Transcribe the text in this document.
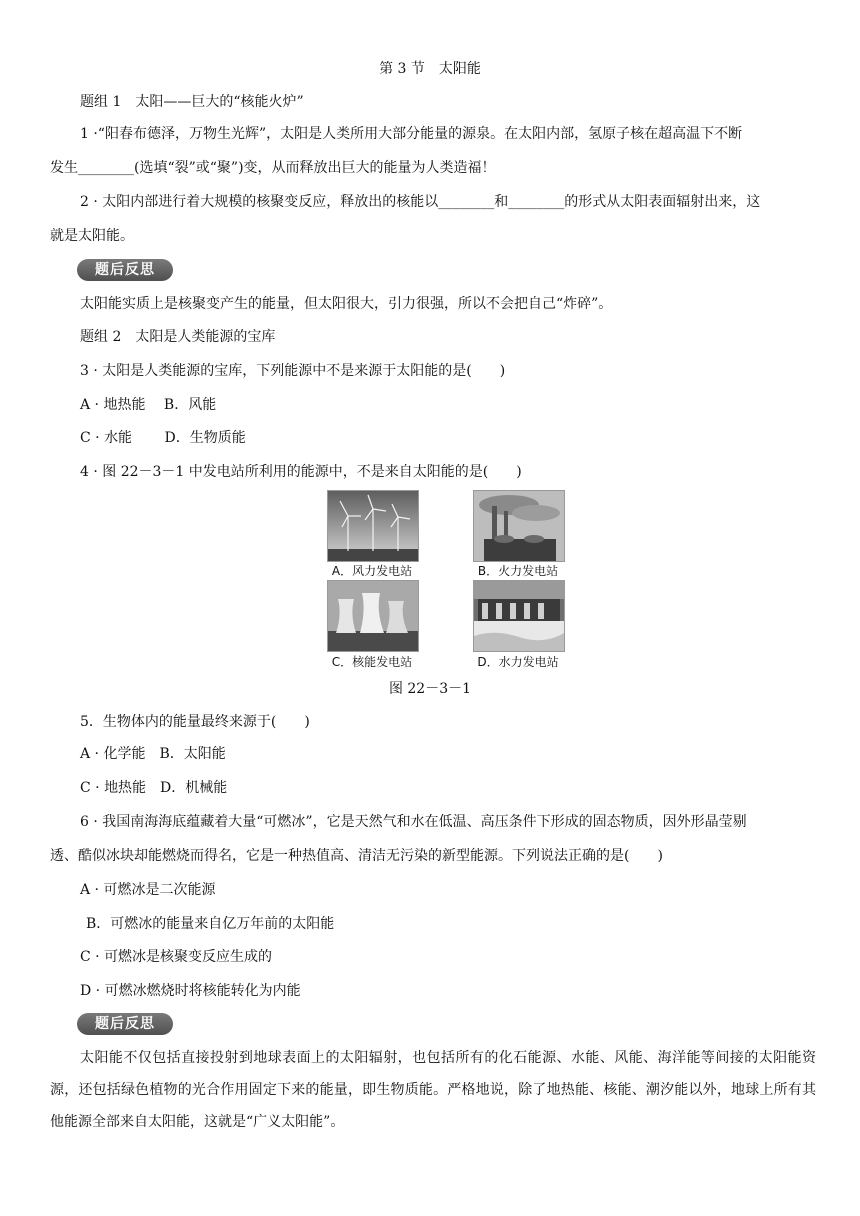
第 3 节　太阳能
题组 1　太阳——巨大的“核能火炉”
1 ·“阳春布德泽，万物生光辉”，太阳是人类所用大部分能量的源泉。在太阳内部，氢原子核在超高温下不断
发生________(选填“裂”或“聚”)变，从而释放出巨大的能量为人类造福！
2 · 太阳内部进行着大规模的核聚变反应，释放出的核能以________和________的形式从太阳表面辐射出来，这
就是太阳能。
题后反思
太阳能实质上是核聚变产生的能量，但太阳很大，引力很强，所以不会把自己“炸碎”。
题组 2　太阳是人类能源的宝库
3 · 太阳是人类能源的宝库，下列能源中不是来源于太阳能的是(　　)
A · 地热能　 B．风能
C · 水能　　 D．生物质能
4 · 图 22－3－1 中发电站所利用的能源中，不是来自太阳能的是(　　)
A．风力发电站	B．火力发电站
C．核能发电站	D．水力发电站
图 22－3－1
5．生物体内的能量最终来源于(　　)
A · 化学能　B．太阳能
C · 地热能　D．机械能
6 · 我国南海海底蕴藏着大量“可燃冰”，它是天然气和水在低温、高压条件下形成的固态物质，因外形晶莹剔
透、酷似冰块却能燃烧而得名，它是一种热值高、清洁无污染的新型能源。下列说法正确的是(　　)
A · 可燃冰是二次能源
B．可燃冰的能量来自亿万年前的太阳能
C · 可燃冰是核聚变反应生成的
D · 可燃冰燃烧时将核能转化为内能
题后反思
太阳能不仅包括直接投射到地球表面上的太阳辐射，也包括所有的化石能源、水能、风能、海洋能等间接的太阳能资源，还包括绿色植物的光合作用固定下来的能量，即生物质能。严格地说，除了地热能、核能、潮汐能以外，地球上所有其他能源全部来自太阳能，这就是“广义太阳能”。
